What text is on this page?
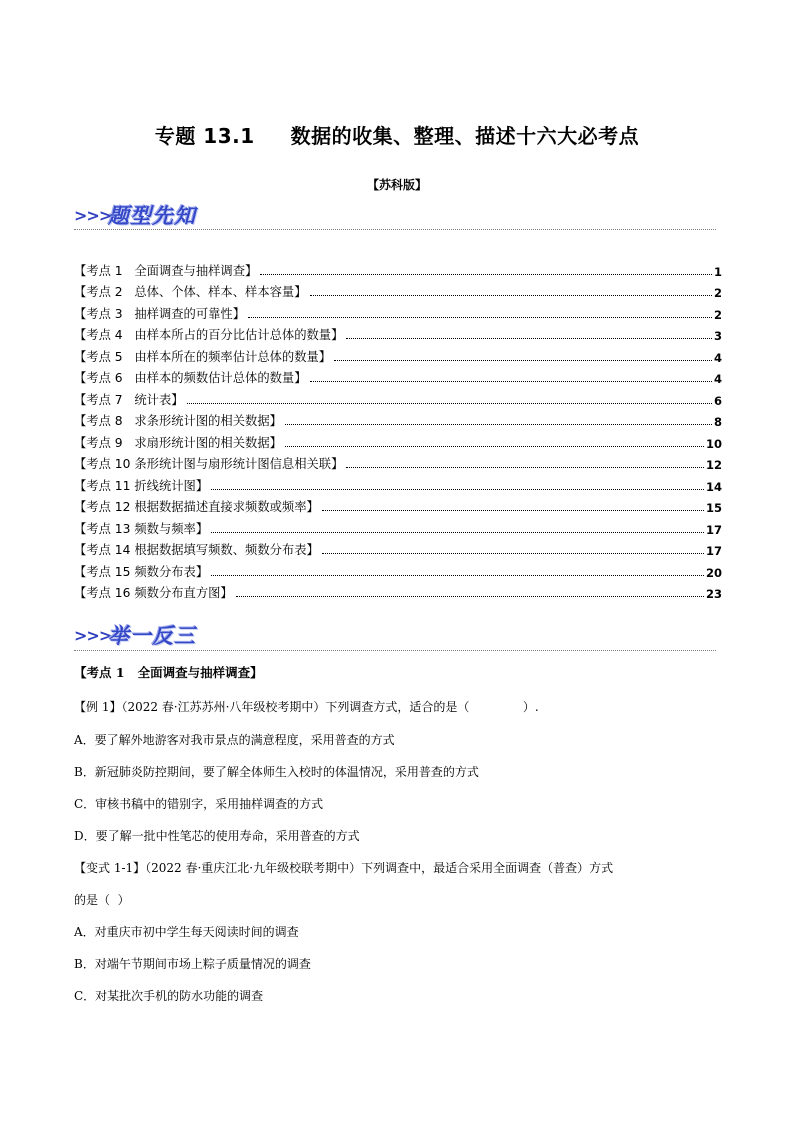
专题 13.1 数据的收集、整理、描述十六大必考点
【苏科版】
>>>
题型先知
【考点 1   全面调查与抽样调查】	1
【考点 2   总体、个体、样本、样本容量】	2
【考点 3   抽样调查的可靠性】	2
【考点 4   由样本所占的百分比估计总体的数量】	3
【考点 5   由样本所在的频率估计总体的数量】	4
【考点 6   由样本的频数估计总体的数量】	4
【考点 7   统计表】	6
【考点 8   求条形统计图的相关数据】	8
【考点 9   求扇形统计图的相关数据】	10
【考点 10 条形统计图与扇形统计图信息相关联】	12
【考点 11 折线统计图】	14
【考点 12 根据数据描述直接求频数或频率】	15
【考点 13 频数与频率】	17
【考点 14 根据数据填写频数、频数分布表】	17
【考点 15 频数分布表】	20
【考点 16 频数分布直方图】	23
>>>
举一反三
【考点 1   全面调查与抽样调查】
【例 1】（2022 春·江苏苏州·八年级校考期中）下列调查方式，适合的是（              ）.
A．要了解外地游客对我市景点的满意程度，采用普查的方式
B．新冠肺炎防控期间，要了解全体师生入校时的体温情况，采用普查的方式
C．审核书稿中的错别字，采用抽样调查的方式
D．要了解一批中性笔芯的使用寿命，采用普查的方式
【变式 1-1】（2022 春·重庆江北·九年级校联考期中）下列调查中，最适合采用全面调查（普查）方式
的是（  ）
A．对重庆市初中学生每天阅读时间的调查
B．对端午节期间市场上粽子质量情况的调查
C．对某批次手机的防水功能的调查
